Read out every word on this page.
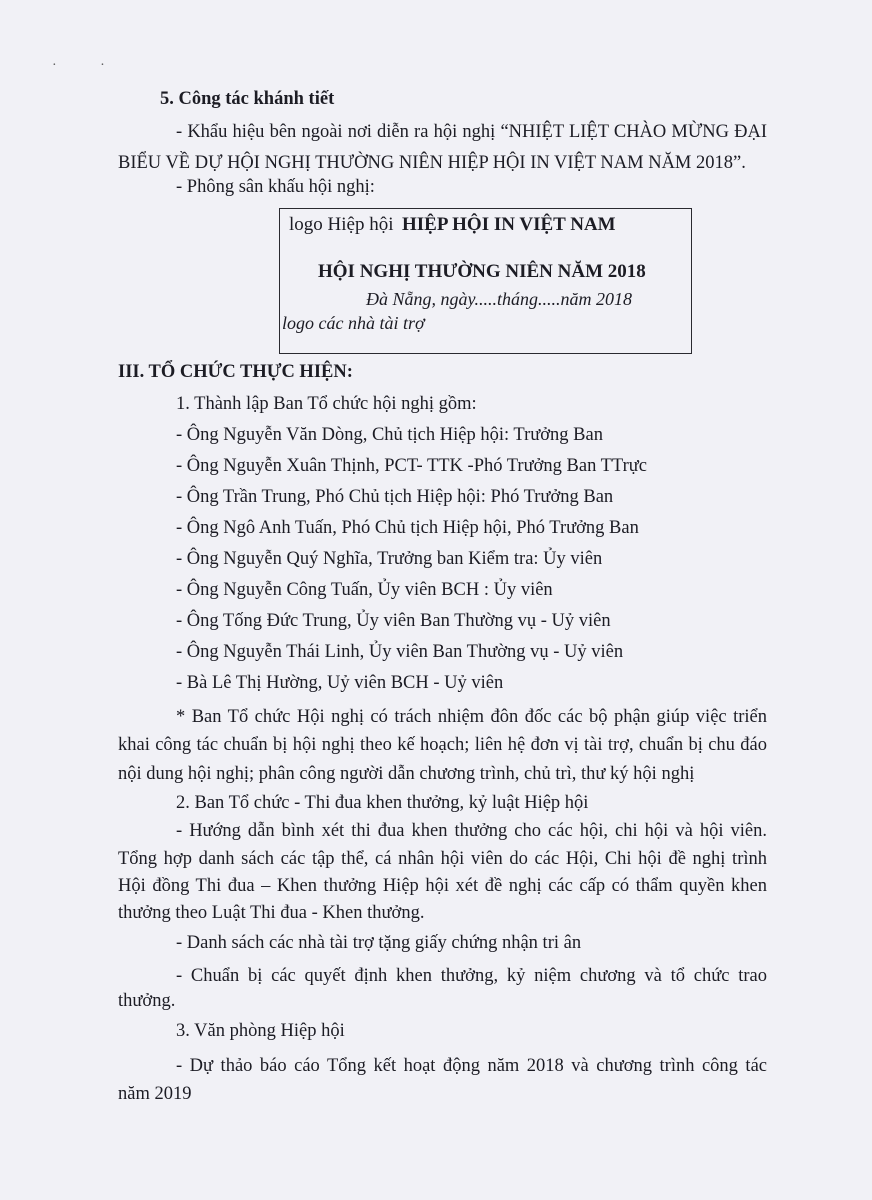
· ·
5. Công tác khánh tiết
- Khẩu hiệu bên ngoài nơi diễn ra hội nghị “NHIỆT LIỆT CHÀO MỪNG ĐẠI
BIỂU VỀ DỰ HỘI NGHỊ THƯỜNG NIÊN HIỆP HỘI IN VIỆT NAM NĂM 2018”.
- Phông sân khấu hội nghị:
logo Hiệp hội HIỆP HỘI IN VIỆT NAM
HỘI NGHỊ THƯỜNG NIÊN NĂM 2018
Đà Nẵng, ngày.....tháng.....năm 2018
logo các nhà tài trợ
III. TỔ CHỨC THỰC HIỆN:
1. Thành lập Ban Tổ chức hội nghị gồm:
- Ông Nguyễn Văn Dòng, Chủ tịch Hiệp hội: Trưởng Ban
- Ông Nguyễn Xuân Thịnh, PCT- TTK -Phó Trưởng Ban TTrực
- Ông Trần Trung, Phó Chủ tịch Hiệp hội: Phó Trưởng Ban
- Ông Ngô Anh Tuấn, Phó Chủ tịch Hiệp hội, Phó Trưởng Ban
- Ông Nguyễn Quý Nghĩa, Trưởng ban Kiểm tra: Ủy viên
- Ông Nguyễn Công Tuấn, Ủy viên BCH : Ủy viên
- Ông Tống Đức Trung, Ủy viên Ban Thường vụ - Uỷ viên
- Ông Nguyễn Thái Linh, Ủy viên Ban Thường vụ - Uỷ viên
- Bà Lê Thị Hường, Uỷ viên BCH - Uỷ viên
* Ban Tổ chức Hội nghị có trách nhiệm đôn đốc các bộ phận giúp việc triển
khai công tác chuẩn bị hội nghị theo kế hoạch; liên hệ đơn vị tài trợ, chuẩn bị chu đáo
nội dung hội nghị; phân công người dẫn chương trình, chủ trì, thư ký hội nghị
2. Ban Tổ chức - Thi đua khen thưởng, kỷ luật Hiệp hội
- Hướng dẫn bình xét thi đua khen thưởng cho các hội, chi hội và hội viên.
Tổng hợp danh sách các tập thể, cá nhân hội viên do các Hội, Chi hội đề nghị trình
Hội đồng Thi đua – Khen thưởng Hiệp hội xét đề nghị các cấp có thẩm quyền khen
thưởng theo Luật Thi đua - Khen thưởng.
- Danh sách các nhà tài trợ tặng giấy chứng nhận tri ân
- Chuẩn bị các quyết định khen thưởng, kỷ niệm chương và tổ chức trao
thưởng.
3. Văn phòng Hiệp hội
- Dự thảo báo cáo Tổng kết hoạt động năm 2018 và chương trình công tác
năm 2019
